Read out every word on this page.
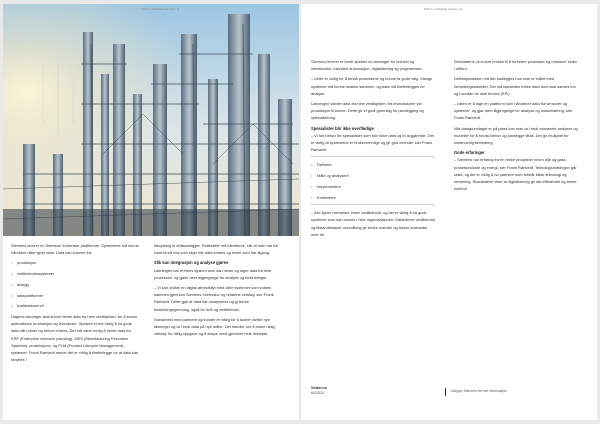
DOKA | kraftaktig teknisk | 11

Siemens leverer en Siemens Xcelerator plattformer. Systemene må kunne håndtere ulike typer data. Data kan komme fra:

• produksjon
• vedlikeholdssystemer
• anlegg
• dataplattformer
• kvalitetskontroll

Dagens løsninger skal kunne hente data fra hele verdikjeden, for å kunne optimalisere produksjon og leveranser. Spesielt er det viktig å ha gode data når rutiner og behov endres. Det må være mulig å hente data fra ERP (Enterprise resource planning), MES (Manufacturing Execution Systems), produksjons- og PLM (Product Lifecycle Management)-systemer. Frank Rørtvedt mener det er viktig å tilrettelegge for at data kan utnyttes i

tilknytning til driftsanlegget. Rolleskifte må håndteres, slik at man har full kontroll på hva som skjer når data endres og hvem som har tilgang.

Slik kan integrasjon og analyse gjøres

Løsningen har et felles system som kan hente og lagre data fra hele prosessen, og gjøre dem tilgjengelige for analyse og beslutninger.

– Vi kan utvikle en digital arbeidsflyt med ulike systemer som kobles sammen gjennom Siemens Xcelerator og relaterte verktøy, sier Frank Rørtvedt. Dette gjør at data kan analyseres og gi bedre beslutningsgrunnlag, også for drift og vedlikehold.

Samarbeid med partnere og kunder er viktig for å kunne utvikle nye løsninger og ta i bruk data på nye måter. Det handler om å bruke riktig verktøy for riktig oppgave og å skape verdi gjennom hele livsløpet.

DOKA | kraftaktig teknisk | 11

Siemens leverer et bredt spekter av løsninger for industri og infrastruktur, inkludert automasjon, digitalisering og programvare.

– Dette er viktig for å forstå prosessene og kunne ta gode valg. Mange systemer må kunne snakke sammen, og data må tilrettelegges for analyse.

Løsningen samler data fra hele verdikjeden, fra leverandører via produksjon til kunde. Dette gir et godt grunnlag for planlegging og optimalisering.

Spesialister blir ikke overflødige

– Vi har behov for spesialister som kan tolke data og ta avgjørelser. Det er viktig at systemene er brukervennlige og gir god oversikt, sier Frank Rørtvedt.

• Definere
• Måle og analysere
• Implementere
• Kontrollere

– Alle ligner hverandre innen vedlikehold, og det er viktig å ha gode systemer som kan brukes i hele organisasjonen. Datadrevet vedlikehold og tilstandsbasert overvåking gir bedre oversikt og lavere kostnader over tid.

Resultatene vil kunne brukes til å forbedre prosesser og redusere risiko i driften.

Definisjonsfasen må det fastlegges hva som er målet med forbedringsarbeidet. Det må fastsettes hvilke data som skal samles inn og hvordan de skal brukes (KPI).

– Ideen er å lage en plattform som håndterer data fra sensorer og systemer, og gjør dem tilgjengelige for analyse og maskinlæring, sier Frank Rørtvedt.

Når datagrunnlaget er på plass kan man ta i bruk avanserte analyser og modeller for å forutsi behov og planlegge tiltak. Det gir mulighet for kontinuerlig forbedring.

Gode erfaringer

– Siemens har erfaring fra en rekke prosjekter innen olje og gass, prosessindustri og energi, sier Frank Rørtvedt. Teknologiutviklingen går raskt, og det er viktig å ha partnere som forstår både teknologi og forretning. Resultatene viser at digitalisering gir økt effektivitet og bedre kontroll.

Vinkel.no
#3/2023	Utbygd: Siemens for mer informasjon
